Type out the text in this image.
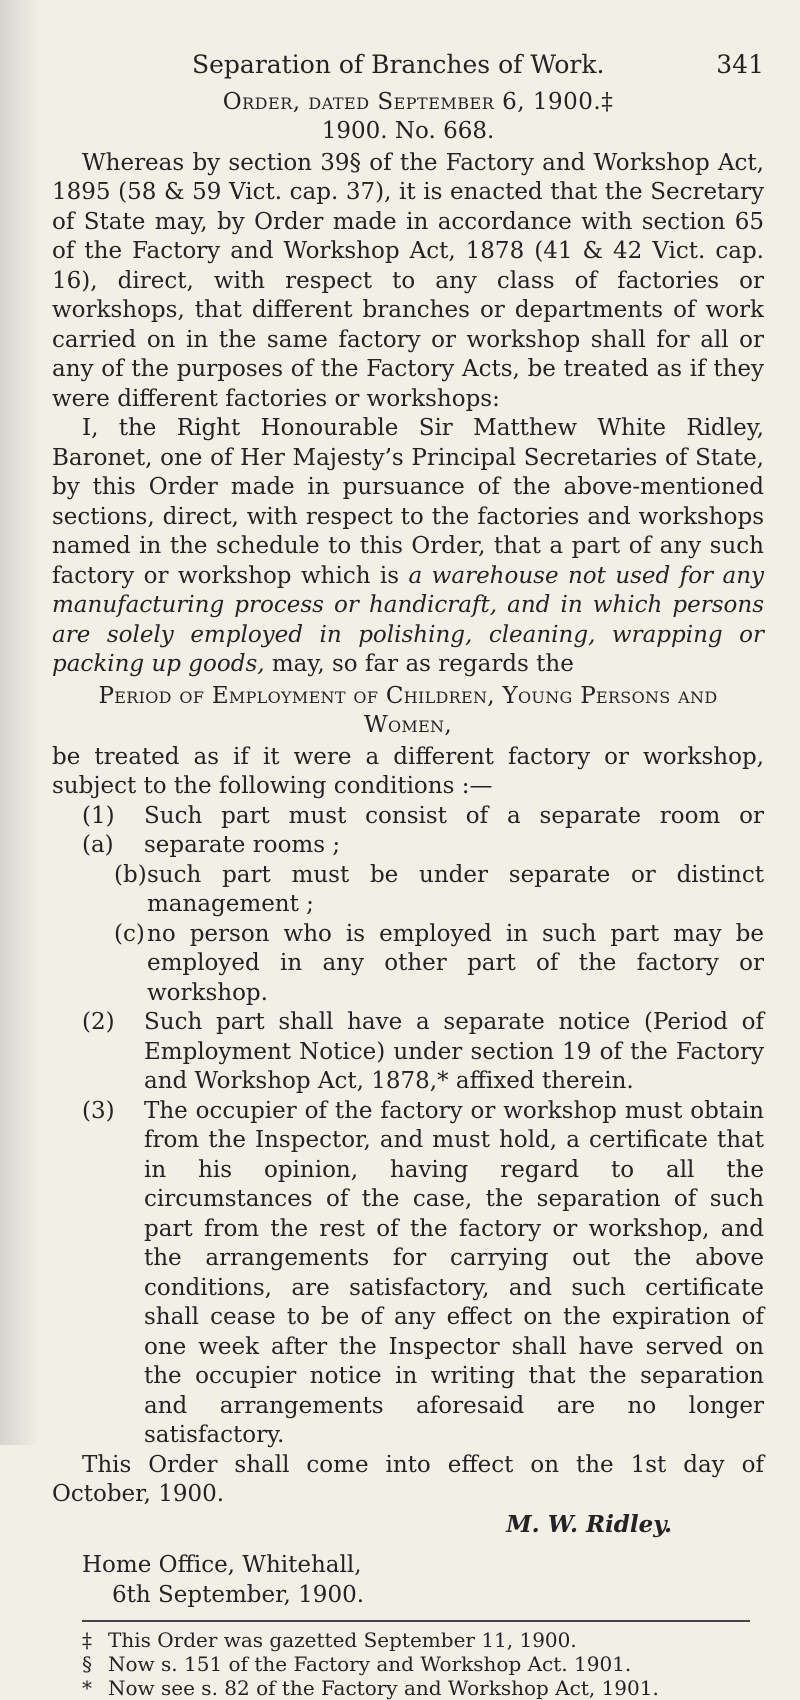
Separation of Branches of Work.	341
Order, dated September 6, 1900.‡
1900. No. 668.

Whereas by section 39§ of the Factory and Workshop Act, 1895 (58 & 59 Vict. cap. 37), it is enacted that the Secretary of State may, by Order made in accordance with section 65 of the Factory and Workshop Act, 1878 (41 & 42 Vict. cap. 16), direct, with respect to any class of factories or workshops, that different branches or departments of work carried on in the same factory or workshop shall for all or any of the purposes of the Factory Acts, be treated as if they were different factories or workshops:

I, the Right Honourable Sir Matthew White Ridley, Baronet, one of Her Majesty’s Principal Secretaries of State, by this Order made in pursuance of the above-mentioned sections, direct, with respect to the factories and workshops named in the schedule to this Order, that a part of any such factory or workshop which is a warehouse not used for any manufacturing process or handicraft, and in which persons are solely employed in polishing, cleaning, wrapping or packing up goods, may, so far as regards the

Period of Employment of Children, Young Persons and Women,

be treated as if it were a different factory or workshop, subject to the following conditions :—

(1) (a)
Such part must consist of a separate room or separate rooms ;
(b) such part must be under separate or distinct management ;
(c) no person who is employed in such part may be employed in any other part of the factory or workshop.
(2)	Such part shall have a separate notice (Period of Employment Notice) under section 19 of the Factory and Workshop Act, 1878,* affixed therein.
(3)	The occupier of the factory or workshop must obtain from the Inspector, and must hold, a certificate that in his opinion, having regard to all the circumstances of the case, the separation of such part from the rest of the factory or workshop, and the arrangements for carrying out the above conditions, are satisfactory, and such certificate shall cease to be of any effect on the expiration of one week after the Inspector shall have served on the occupier notice in writing that the separation and arrangements aforesaid are no longer satisfactory.

This Order shall come into effect on the 1st day of October, 1900.

M. W. Ridley.
Home Office, Whitehall,
6th September, 1900.
‡ This Order was gazetted September 11, 1900.
§ Now s. 151 of the Factory and Workshop Act. 1901.
* Now see s. 82 of the Factory and Workshop Act, 1901.
